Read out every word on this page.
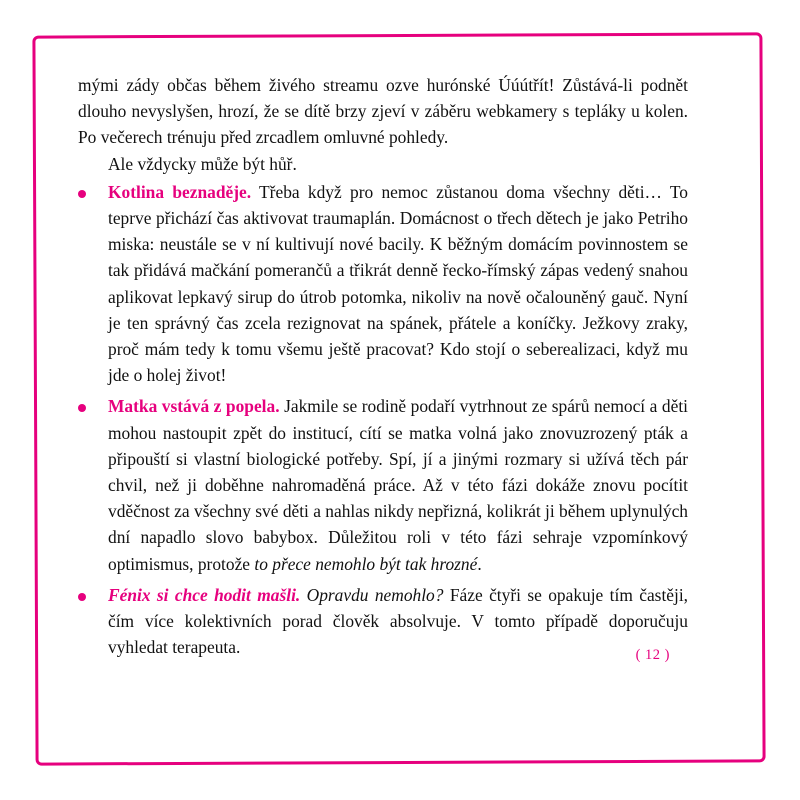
mými zády občas během živého streamu ozve hurónské Úúútřít! Zůstává-li podnět dlouho nevyslyšen, hrozí, že se dítě brzy zjeví v záběru webkamery s tepláky u kolen. Po večerech trénuju před zrcadlem omluvné pohledy.

Ale vždycky může být hůř.

Kotlina beznaděje. Třeba když pro nemoc zůstanou doma všechny děti… To teprve přichází čas aktivovat traumaplán. Domácnost o třech dětech je jako Petriho miska: neustále se v ní kultivují nové bacily. K běžným domácím povinnostem se tak přidává mačkání pomerančů a třikrát denně řecko-římský zápas vedený snahou aplikovat lepkavý sirup do útrob potomka, nikoliv na nově očalouněný gauč. Nyní je ten správný čas zcela rezignovat na spánek, přátele a koníčky. Ježkovy zraky, proč mám tedy k tomu všemu ještě pracovat? Kdo stojí o seberealizaci, když mu jde o holej život!

Matka vstává z popela. Jakmile se rodině podaří vytrhnout ze spárů nemocí a děti mohou nastoupit zpět do institucí, cítí se matka volná jako znovuzrozený pták a připouští si vlastní biologické potřeby. Spí, jí a jinými rozmary si užívá těch pár chvil, než ji doběhne nahromaděná práce. Až v této fázi dokáže znovu pocítit vděčnost za všechny své děti a nahlas nikdy nepřizná, kolikrát ji během uplynulých dní napadlo slovo babybox. Důležitou roli v této fázi sehraje vzpomínkový optimismus, protože to přece nemohlo být tak hrozné.

Fénix si chce hodit mašli. Opravdu nemohlo? Fáze čtyři se opakuje tím častěji, čím více kolektivních porad člověk absolvuje. V tomto případě doporučuju vyhledat terapeuta.	( 12 )
